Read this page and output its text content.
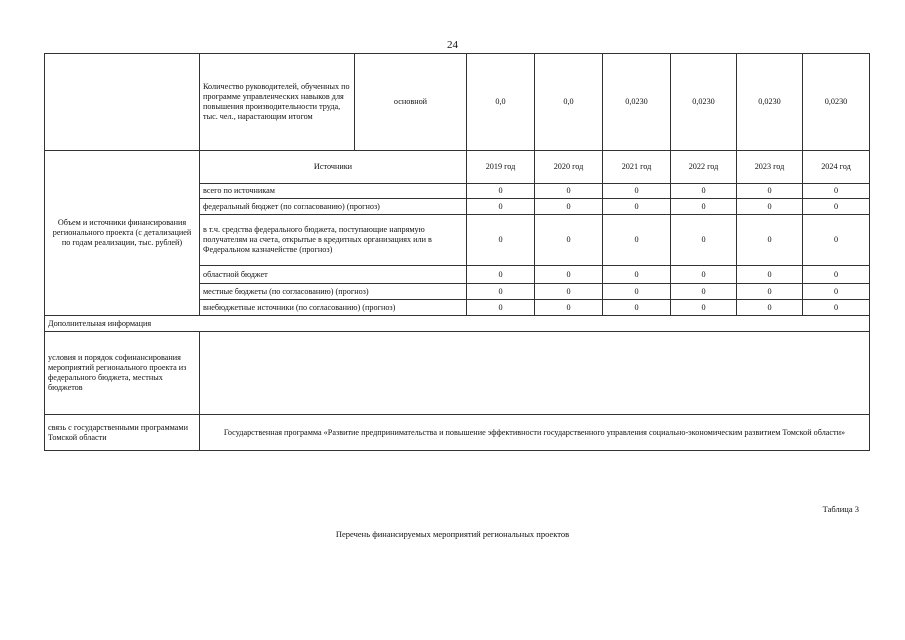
24
	Количество руководителей, обученных по программе управленческих навыков для повышения производительности труда, тыс. чел., нарастающим итогом	основной	0,0	0,0	0,0230	0,0230	0,0230	0,0230
Объем и источники финансирования регионального проекта (с детализацией по годам реализации, тыс. рублей)	Источники		2019 год	2020 год	2021 год	2022 год	2023 год	2024 год
	всего по источникам		0	0	0	0	0	0
	федеральный бюджет (по согласованию) (прогноз)		0	0	0	0	0	0
	в т.ч. средства федерального бюджета, поступающие напрямую получателям на счета, открытые в кредитных организациях или в Федеральном казначействе (прогноз)		0	0	0	0	0	0
	областной бюджет		0	0	0	0	0	0
	местные бюджеты (по согласованию) (прогноз)		0	0	0	0	0	0
	внебюджетные источники (по согласованию) (прогноз)		0	0	0	0	0	0
Дополнительная информация								
условия и порядок софинансирования мероприятий регионального проекта из федерального бюджета, местных бюджетов								
связь с государственными программами Томской области	Государственная программа «Развитие предпринимательства и повышение эффективности государственного управления социально-экономическим развитием Томской области»							
Таблица 3
Перечень финансируемых мероприятий региональных проектов
